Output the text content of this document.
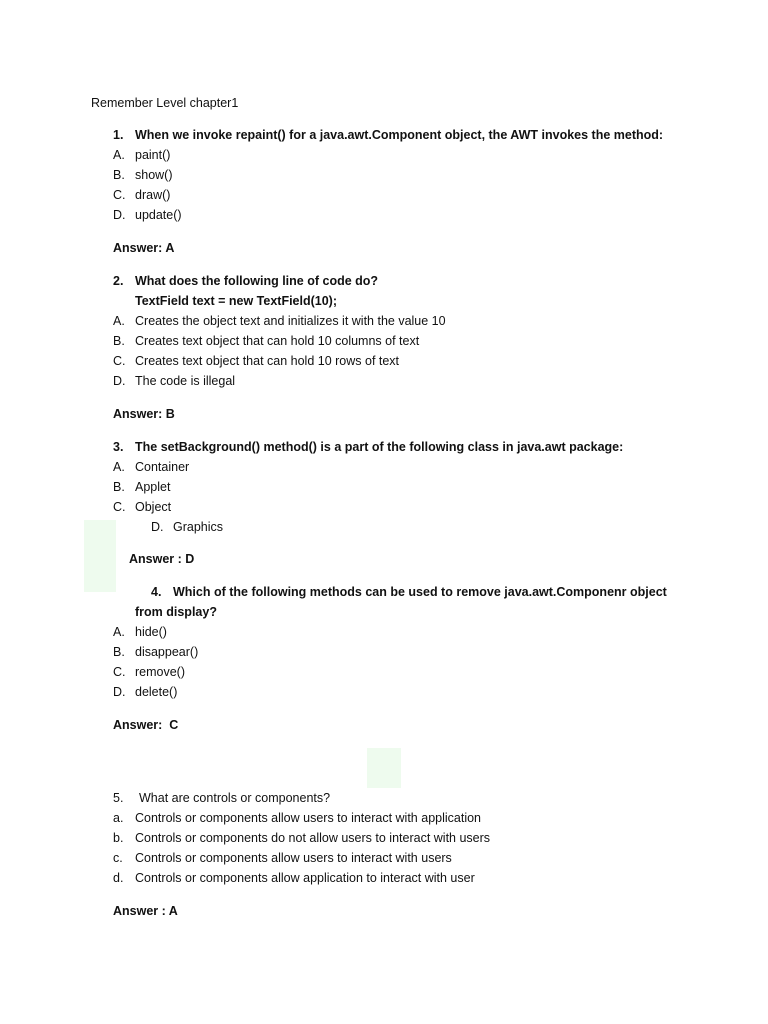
Remember Level chapter1
1. When we invoke repaint() for a java.awt.Component object, the AWT invokes the method:
A. paint()
B. show()
C. draw()
D. update()
Answer: A
2. What does the following line of code do?
TextField text = new TextField(10);
A. Creates the object text and initializes it with the value 10
B. Creates text object that can hold 10 columns of text
C. Creates text object that can hold 10 rows of text
D. The code is illegal
Answer: B
3. The setBackground() method() is a part of the following class in java.awt package:
A. Container
B. Applet
C. Object
D. Graphics
Answer : D
4. Which of the following methods can be used to remove java.awt.Componenr object
from display?
A. hide()
B. disappear()
C. remove()
D. delete()
Answer:  C
5. What are controls or components?
a. Controls or components allow users to interact with application
b. Controls or components do not allow users to interact with users
c. Controls or components allow users to interact with users
d. Controls or components allow application to interact with user
Answer : A
